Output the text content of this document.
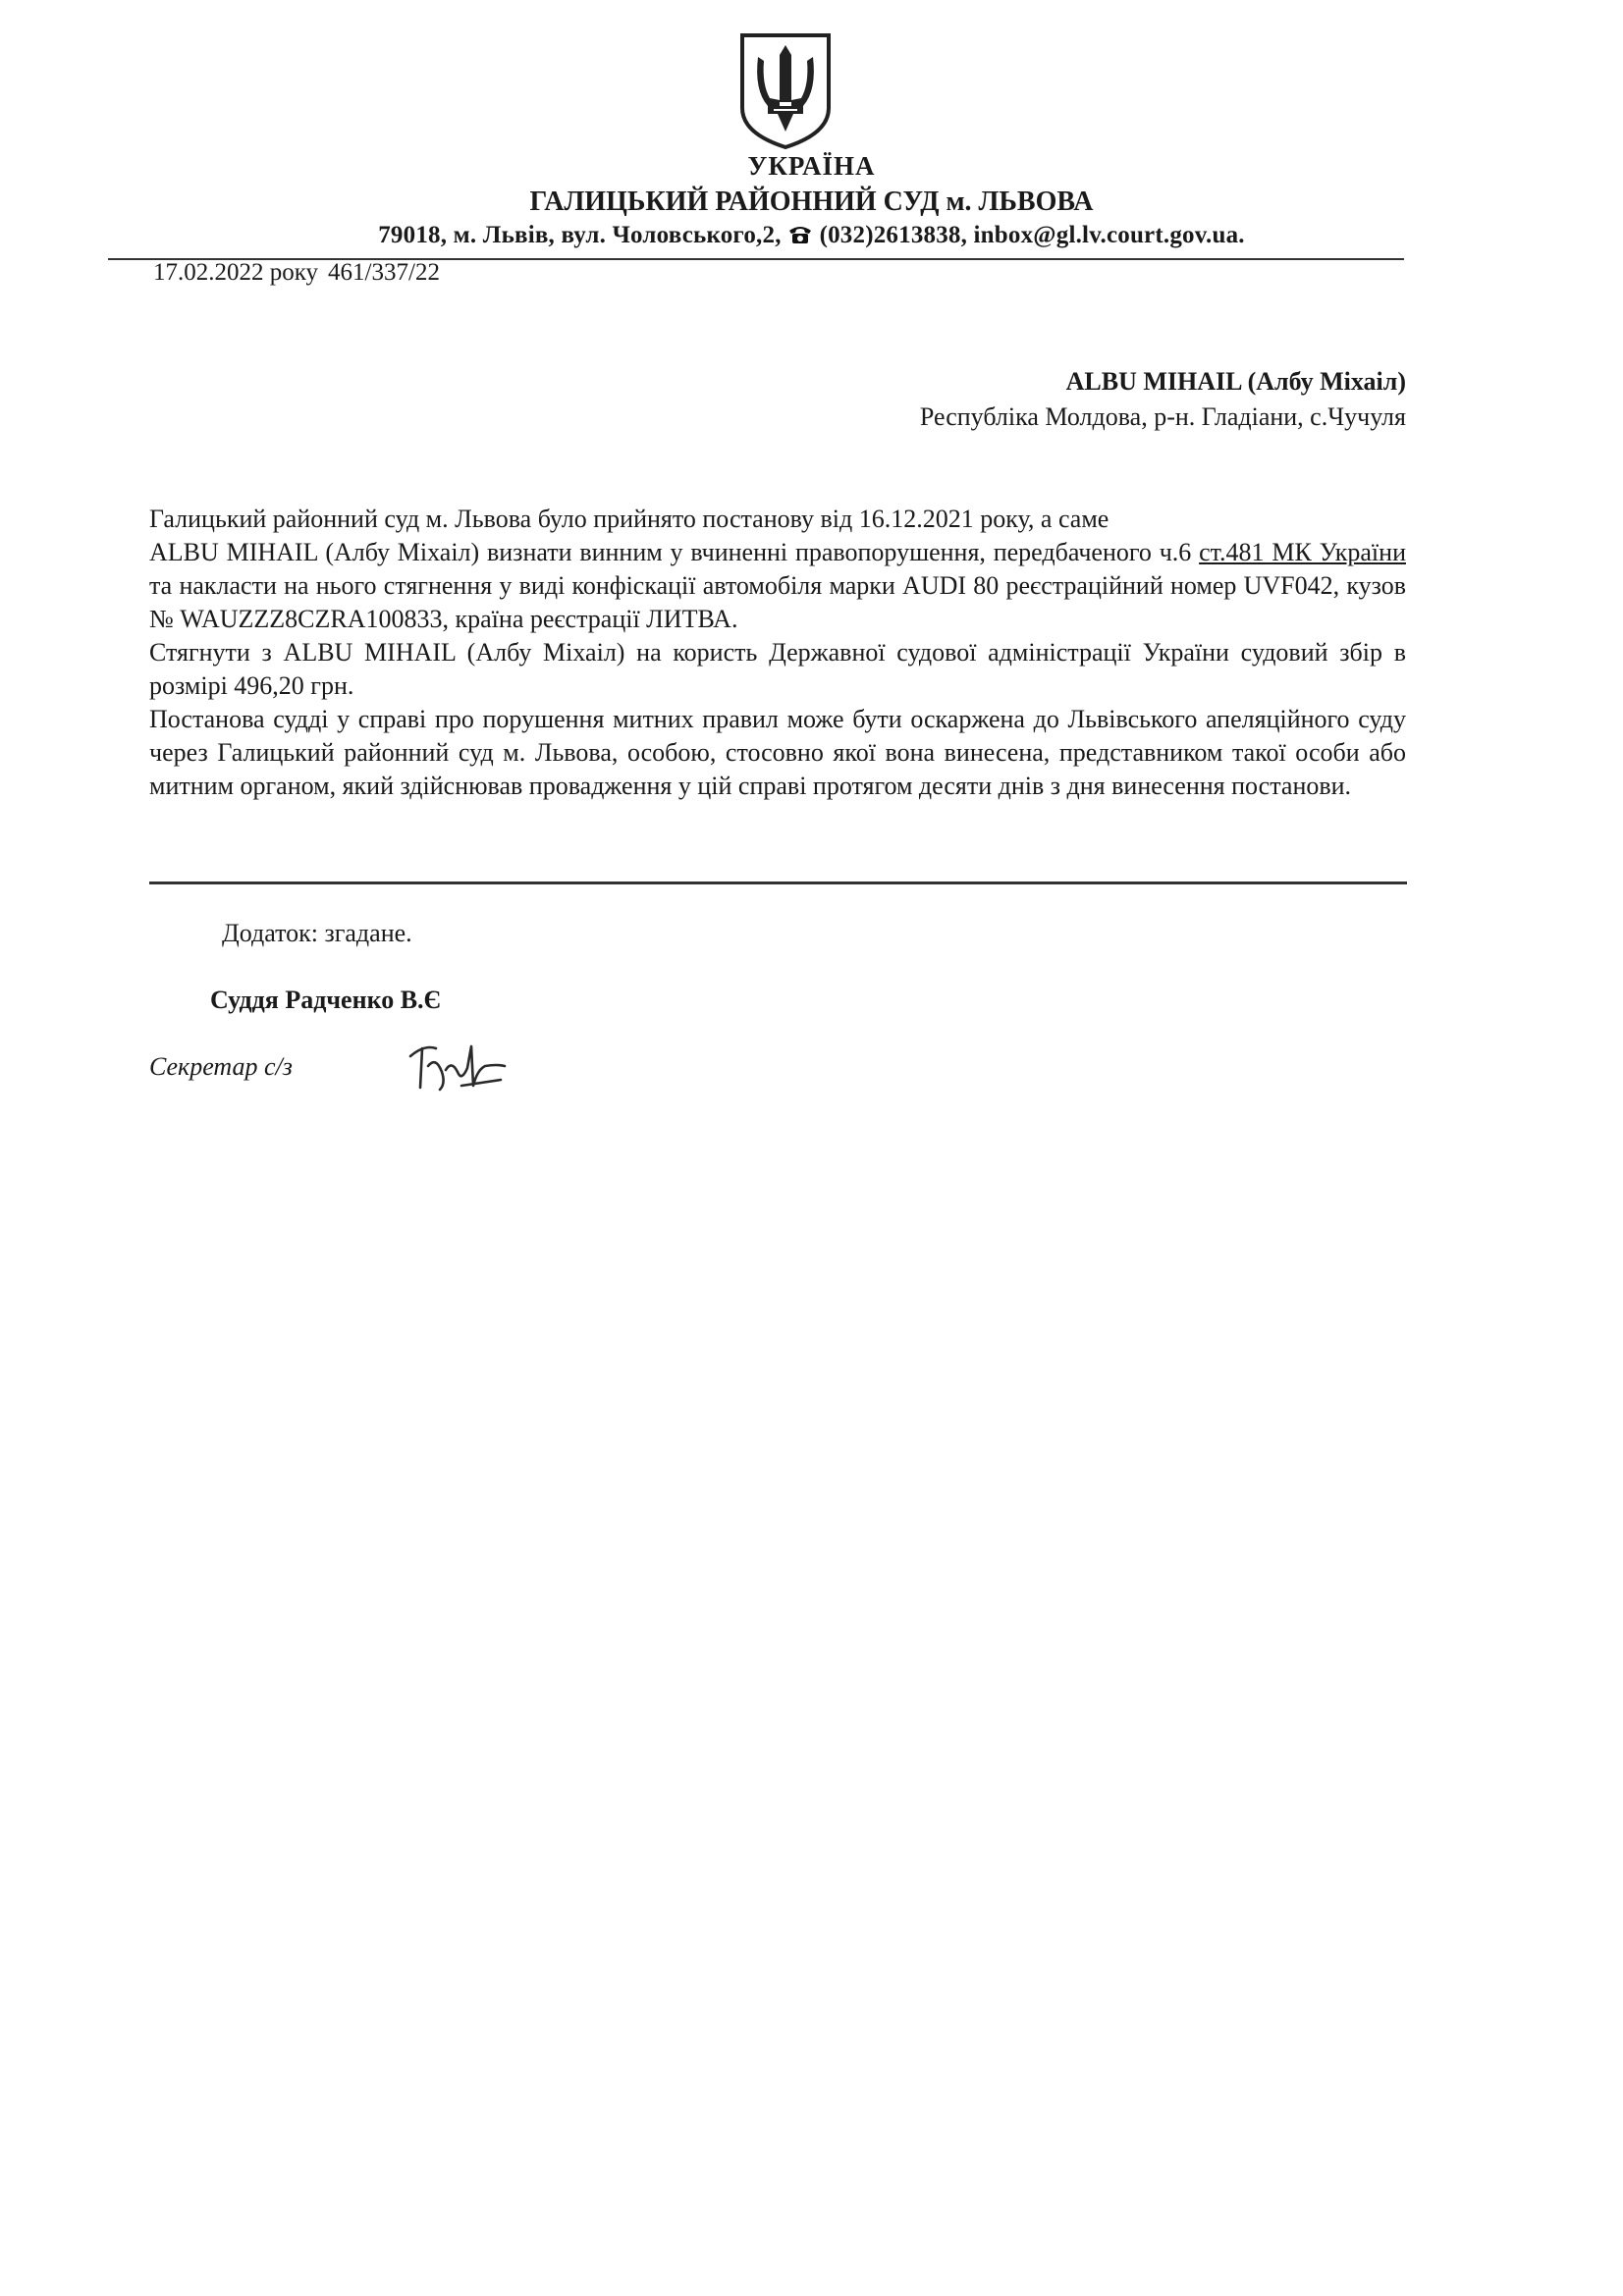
УКРАЇНА
ГАЛИЦЬКИЙ РАЙОННИЙ СУД м. ЛЬВОВА
79018, м. Львів, вул. Чоловського,2, (032)2613838, inbox@gl.lv.court.gov.ua.
17.02.2022 року 461/337/22
ALBU MIHAIL (Албу Міхаіл)
Республіка Молдова, р-н. Гладіани, с.Чучуля

Галицький районний суд м. Львова було прийнято постанову від 16.12.2021 року, а саме

ALBU MIHAIL (Албу Міхаіл) визнати винним у вчиненні правопорушення, передбаченого ч.6 ст.481 МК України та накласти на нього стягнення у виді конфіскації автомобіля марки AUDI 80 реєстраційний номер UVF042, кузов № WAUZZZ8CZRA100833, країна реєстрації ЛИТВА.

Стягнути з ALBU MIHAIL (Албу Міхаіл) на користь Державної судової адміністрації України судовий збір в розмірі 496,20 грн.

Постанова судді у справі про порушення митних правил може бути оскаржена до Львівського апеляційного суду через Галицький районний суд м. Львова, особою, стосовно якої вона винесена, представником такої особи або митним органом, який здійснював провадження у цій справі протягом десяти днів з дня винесення постанови.

Додаток: згадане.
Суддя Радченко В.Є
Секретар с/з
